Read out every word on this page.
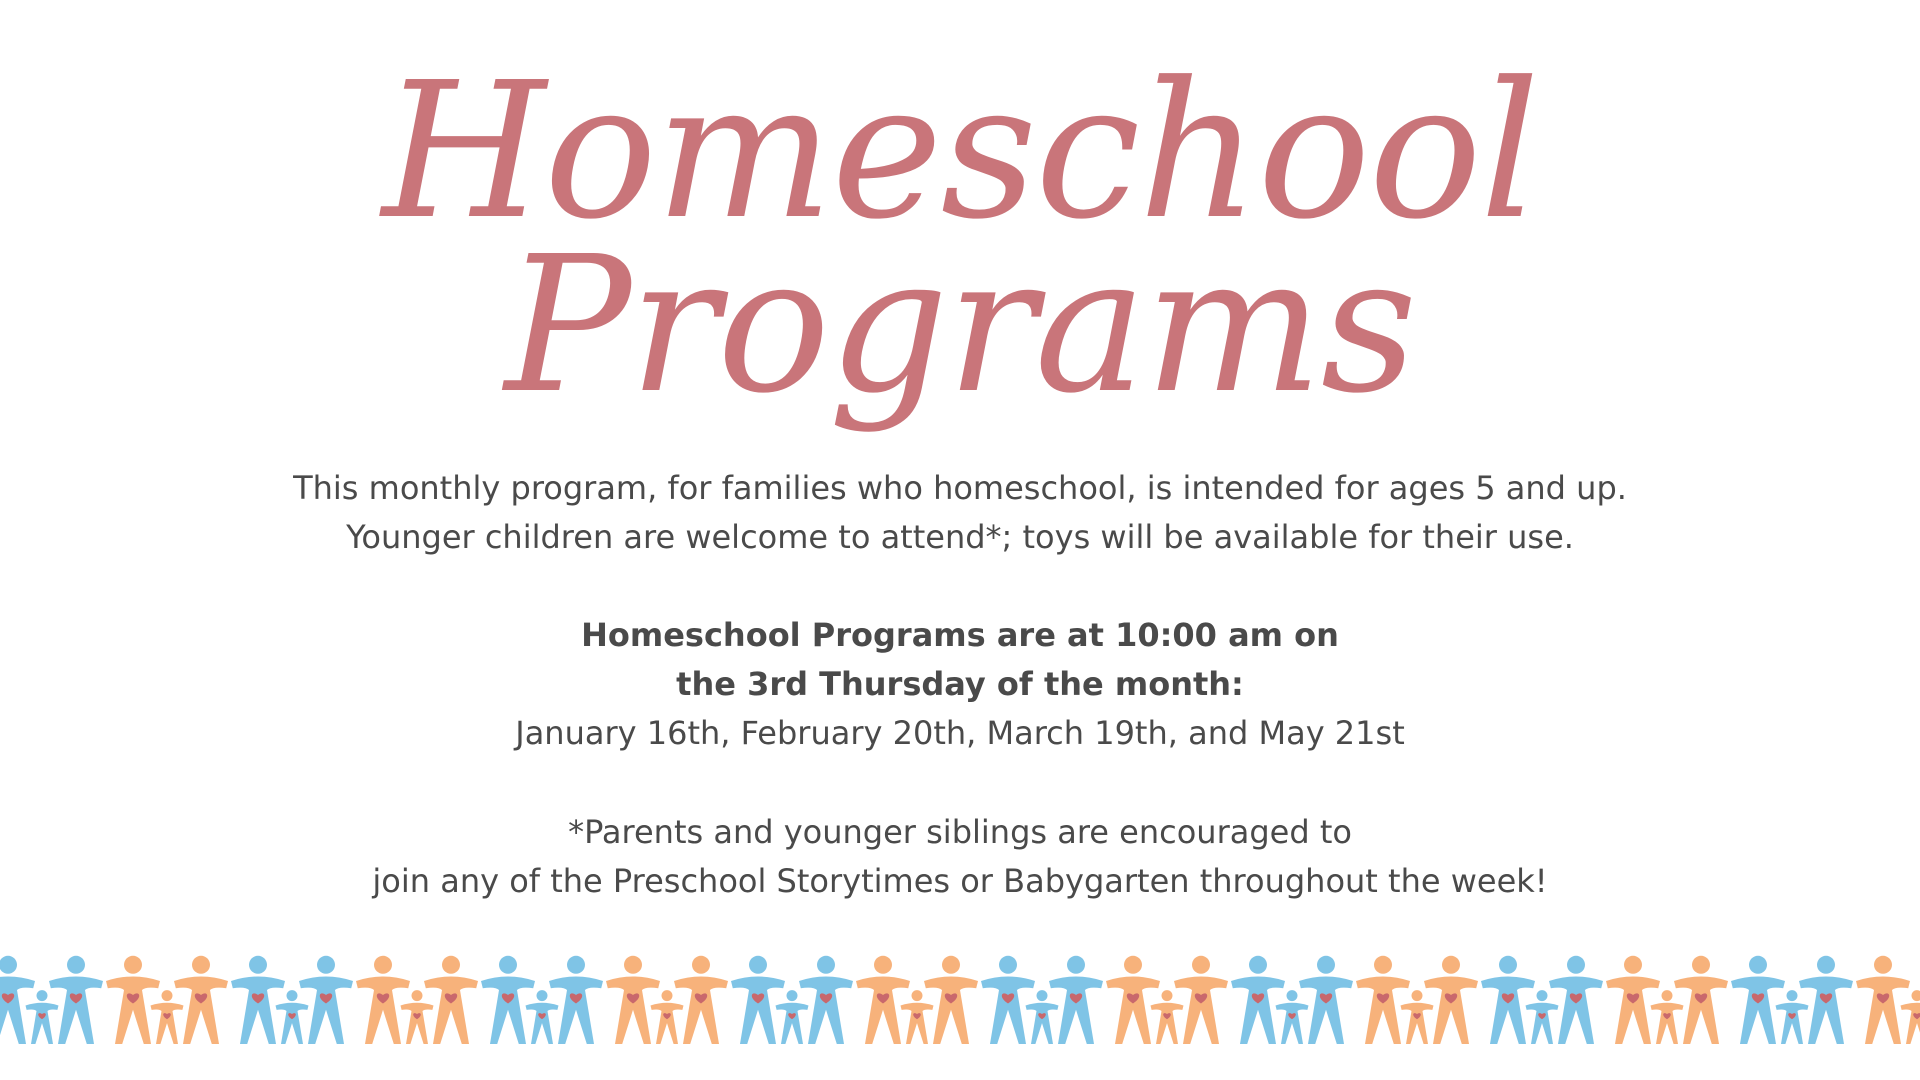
Homeschool
Programs

This monthly program, for families who homeschool, is intended for ages 5 and up.
Younger children are welcome to attend*; toys will be available for their use.

Homeschool Programs are at 10:00 am on
the 3rd Thursday of the month:
January 16th, February 20th, March 19th, and May 21st

*Parents and younger siblings are encouraged to
join any of the Preschool Storytimes or Babygarten throughout the week!
